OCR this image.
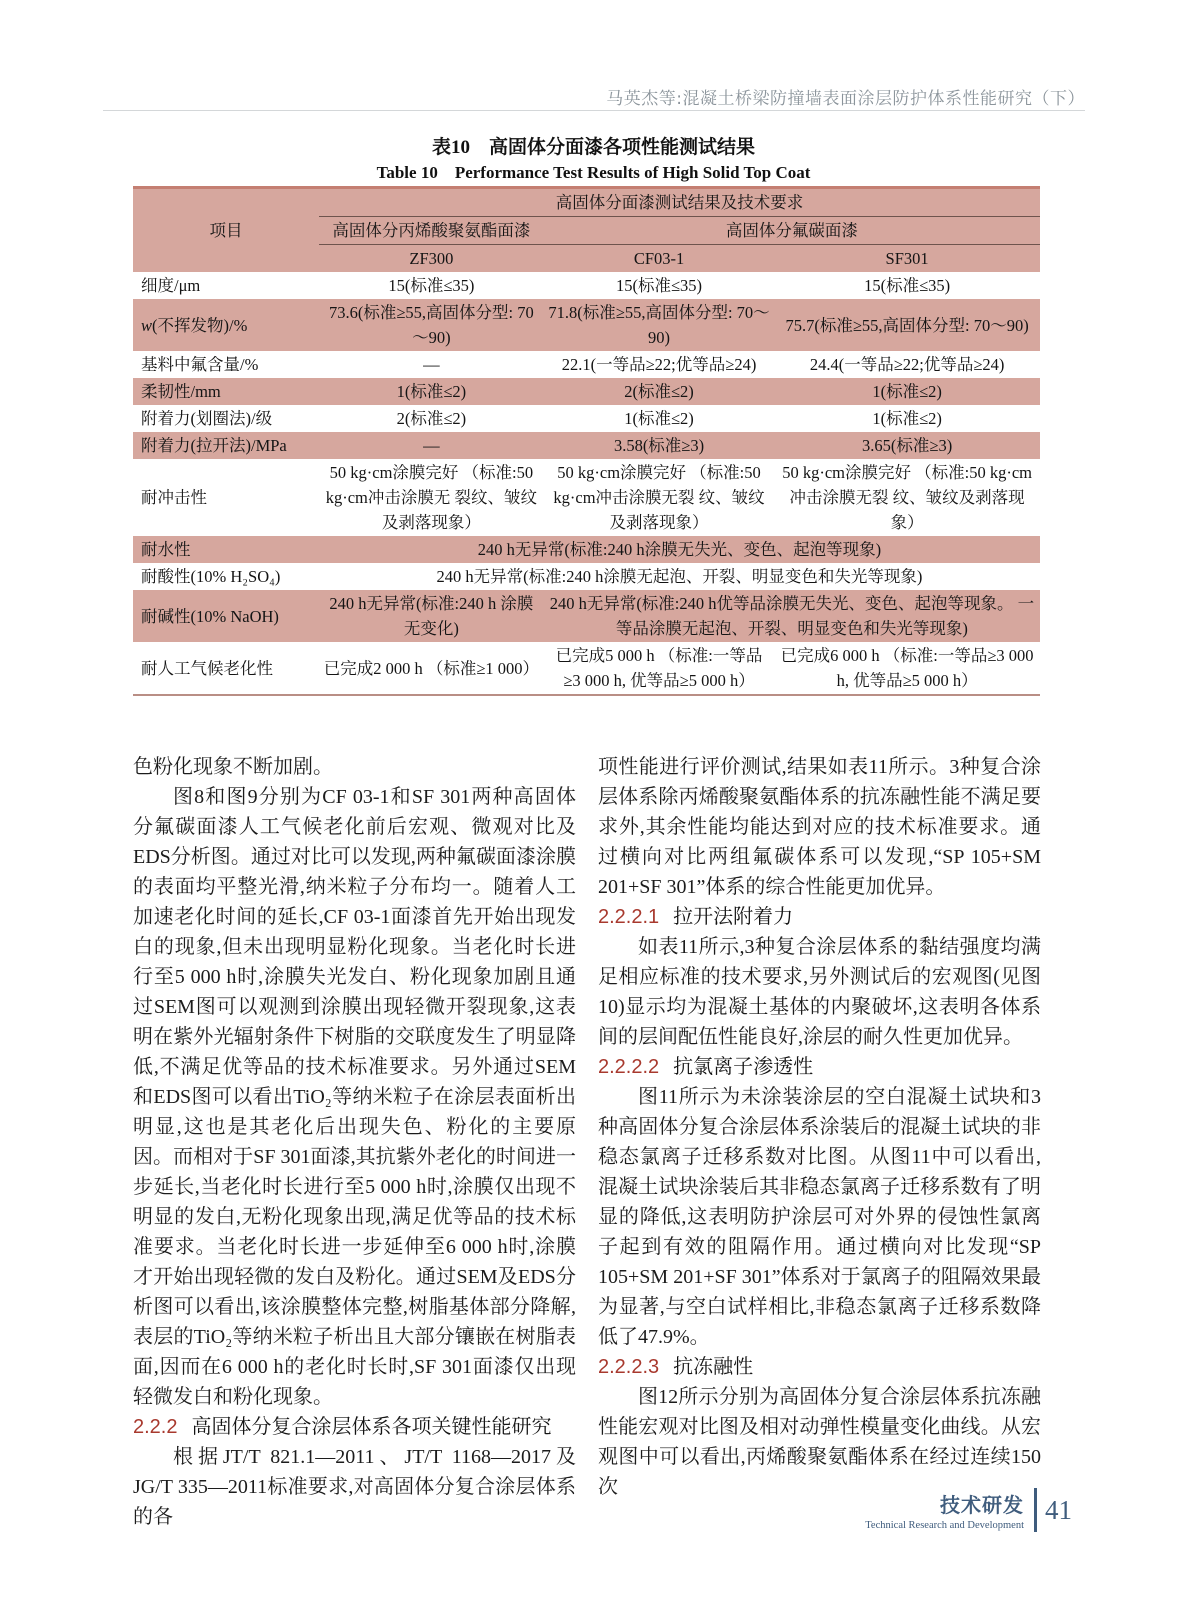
马英杰等:混凝土桥梁防撞墙表面涂层防护体系性能研究（下）
表10　高固体分面漆各项性能测试结果
Table 10　Performance Test Results of High Solid Top Coat
项目	高固体分面漆测试结果及技术要求		
	高固体分丙烯酸聚氨酯面漆	高固体分氟碳面漆	
	ZF300	CF03-1	SF301
细度/μm	15(标准≤35)	15(标准≤35)	15(标准≤35)
w(不挥发物)/%	73.6(标准≥55,高固体分型: 70～90)	71.8(标准≥55,高固体分型: 70～90)	75.7(标准≥55,高固体分型: 70～90)
基料中氟含量/%	—	22.1(一等品≥22;优等品≥24)	24.4(一等品≥22;优等品≥24)
柔韧性/mm	1(标准≤2)	2(标准≤2)	1(标准≤2)
附着力(划圈法)/级	2(标准≤2)	1(标准≤2)	1(标准≤2)
附着力(拉开法)/MPa	—	3.58(标准≥3)	3.65(标准≥3)
耐冲击性	50 kg·cm涂膜完好 （标准:50 kg·cm冲击涂膜无 裂纹、皱纹及剥落现象）	50 kg·cm涂膜完好 （标准:50 kg·cm冲击涂膜无裂 纹、皱纹及剥落现象）	50 kg·cm涂膜完好 （标准:50 kg·cm冲击涂膜无裂 纹、皱纹及剥落现象）
耐水性	240 h无异常(标准:240 h涂膜无失光、变色、起泡等现象)		
耐酸性(10% H₂SO₄)	240 h无异常(标准:240 h涂膜无起泡、开裂、明显变色和失光等现象)		
耐碱性(10% NaOH)	240 h无异常(标准:240 h 涂膜无变化)	240 h无异常(标准:240 h优等品涂膜无失光、变色、起泡等现象。 一等品涂膜无起泡、开裂、明显变色和失光等现象)	
耐人工气候老化性	已完成2 000 h （标准≥1 000）	已完成5 000 h （标准:一等品≥3 000 h, 优等品≥5 000 h）	已完成6 000 h （标准:一等品≥3 000 h, 优等品≥5 000 h）

色粉化现象不断加剧。

图8和图9分别为CF 03-1和SF 301两种高固体分氟碳面漆人工气候老化前后宏观、微观对比及EDS分析图。通过对比可以发现,两种氟碳面漆涂膜的表面均平整光滑,纳米粒子分布均一。随着人工加速老化时间的延长,CF 03-1面漆首先开始出现发白的现象,但未出现明显粉化现象。当老化时长进行至5 000 h时,涂膜失光发白、粉化现象加剧且通过SEM图可以观测到涂膜出现轻微开裂现象,这表明在紫外光辐射条件下树脂的交联度发生了明显降低,不满足优等品的技术标准要求。另外通过SEM和EDS图可以看出TiO₂等纳米粒子在涂层表面析出明显,这也是其老化后出现失色、粉化的主要原因。而相对于SF 301面漆,其抗紫外老化的时间进一步延长,当老化时长进行至5 000 h时,涂膜仅出现不明显的发白,无粉化现象出现,满足优等品的技术标准要求。当老化时长进一步延伸至6 000 h时,涂膜才开始出现轻微的发白及粉化。通过SEM及EDS分析图可以看出,该涂膜整体完整,树脂基体部分降解,表层的TiO₂等纳米粒子析出且大部分镶嵌在树脂表面,因而在6 000 h的老化时长时,SF 301面漆仅出现轻微发白和粉化现象。

2.2.2 高固体分复合涂层体系各项关键性能研究

根据JT/T 821.1—2011、JT/T 1168—2017及JG/T 335—2011标准要求,对高固体分复合涂层体系的各

项性能进行评价测试,结果如表11所示。3种复合涂层体系除丙烯酸聚氨酯体系的抗冻融性能不满足要求外,其余性能均能达到对应的技术标准要求。通过横向对比两组氟碳体系可以发现,“SP 105+SM 201+SF 301”体系的综合性能更加优异。

2.2.2.1 拉开法附着力

如表11所示,3种复合涂层体系的黏结强度均满足相应标准的技术要求,另外测试后的宏观图(见图10)显示均为混凝土基体的内聚破坏,这表明各体系间的层间配伍性能良好,涂层的耐久性更加优异。

2.2.2.2 抗氯离子渗透性

图11所示为未涂装涂层的空白混凝土试块和3种高固体分复合涂层体系涂装后的混凝土试块的非稳态氯离子迁移系数对比图。从图11中可以看出,混凝土试块涂装后其非稳态氯离子迁移系数有了明显的降低,这表明防护涂层可对外界的侵蚀性氯离子起到有效的阻隔作用。通过横向对比发现“SP 105+SM 201+SF 301”体系对于氯离子的阻隔效果最为显著,与空白试样相比,非稳态氯离子迁移系数降低了47.9%。

2.2.2.3 抗冻融性

图12所示分别为高固体分复合涂层体系抗冻融性能宏观对比图及相对动弹性模量变化曲线。从宏观图中可以看出,丙烯酸聚氨酯体系在经过连续150次

技术研发
Technical Research and Development
41
